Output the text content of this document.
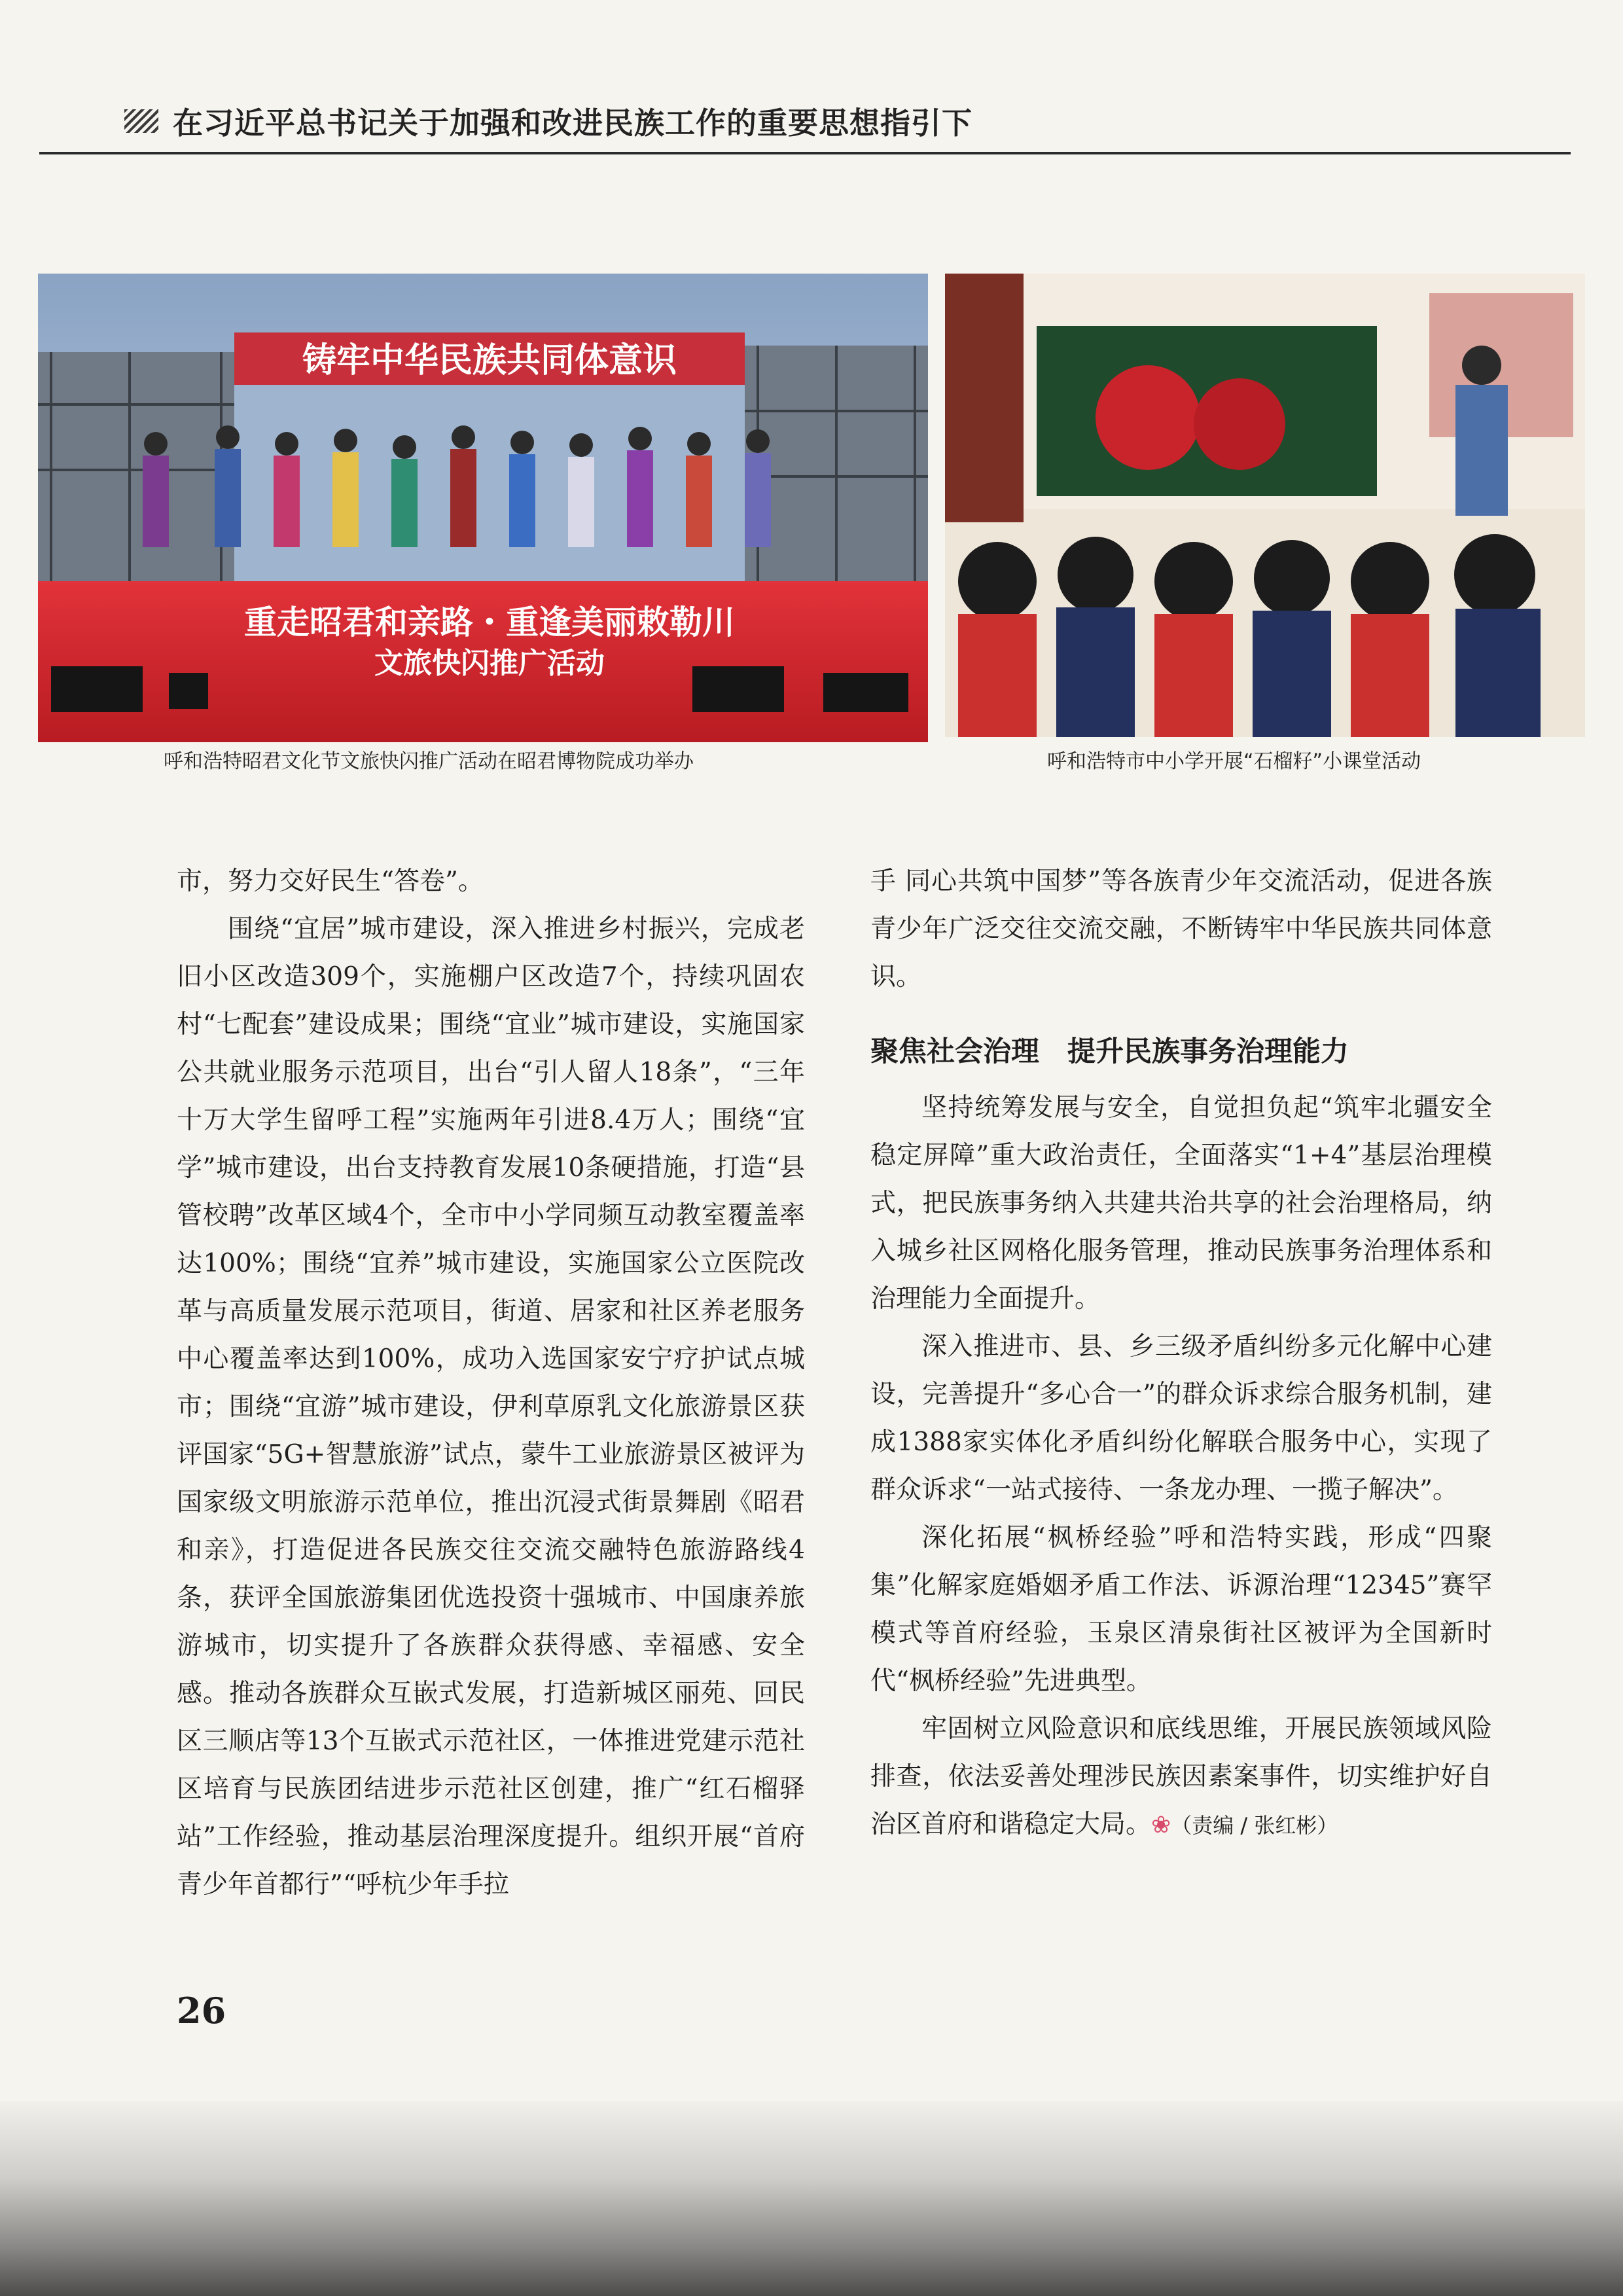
在习近平总书记关于加强和改进民族工作的重要思想指引下
铸牢中华民族共同体意识
重走昭君和亲路・重逢美丽敕勒川
文旅快闪推广活动
呼和浩特昭君文化节文旅快闪推广活动在昭君博物院成功举办	呼和浩特市中小学开展“石榴籽”小课堂活动

市，努力交好民生“答卷”。

围绕“宜居”城市建设，深入推进乡村振兴，完成老旧小区改造309个，实施棚户区改造7个，持续巩固农村“七配套”建设成果；围绕“宜业”城市建设，实施国家公共就业服务示范项目，出台“引人留人18条”，“三年十万大学生留呼工程”实施两年引进8.4万人；围绕“宜学”城市建设，出台支持教育发展10条硬措施，打造“县管校聘”改革区域4个，全市中小学同频互动教室覆盖率达100%；围绕“宜养”城市建设，实施国家公立医院改革与高质量发展示范项目，街道、居家和社区养老服务中心覆盖率达到100%，成功入选国家安宁疗护试点城市；围绕“宜游”城市建设，伊利草原乳文化旅游景区获评国家“5G+智慧旅游”试点，蒙牛工业旅游景区被评为国家级文明旅游示范单位，推出沉浸式街景舞剧《昭君和亲》，打造促进各民族交往交流交融特色旅游路线4条，获评全国旅游集团优选投资十强城市、中国康养旅游城市，切实提升了各族群众获得感、幸福感、安全感。推动各族群众互嵌式发展，打造新城区丽苑、回民区三顺店等13个互嵌式示范社区，一体推进党建示范社区培育与民族团结进步示范社区创建，推广“红石榴驿站”工作经验，推动基层治理深度提升。组织开展“首府青少年首都行”“呼杭少年手拉

手 同心共筑中国梦”等各族青少年交流活动，促进各族青少年广泛交往交流交融，不断铸牢中华民族共同体意识。

聚焦社会治理　提升民族事务治理能力

坚持统筹发展与安全，自觉担负起“筑牢北疆安全稳定屏障”重大政治责任，全面落实“1+4”基层治理模式，把民族事务纳入共建共治共享的社会治理格局，纳入城乡社区网格化服务管理，推动民族事务治理体系和治理能力全面提升。

深入推进市、县、乡三级矛盾纠纷多元化解中心建设，完善提升“多心合一”的群众诉求综合服务机制，建成1388家实体化矛盾纠纷化解联合服务中心，实现了群众诉求“一站式接待、一条龙办理、一揽子解决”。

深化拓展“枫桥经验”呼和浩特实践，形成“四聚集”化解家庭婚姻矛盾工作法、诉源治理“12345”赛罕模式等首府经验，玉泉区清泉街社区被评为全国新时代“枫桥经验”先进典型。

牢固树立风险意识和底线思维，开展民族领域风险排查，依法妥善处理涉民族因素案事件，切实维护好自治区首府和谐稳定大局。❀（责编 / 张红彬）

26
